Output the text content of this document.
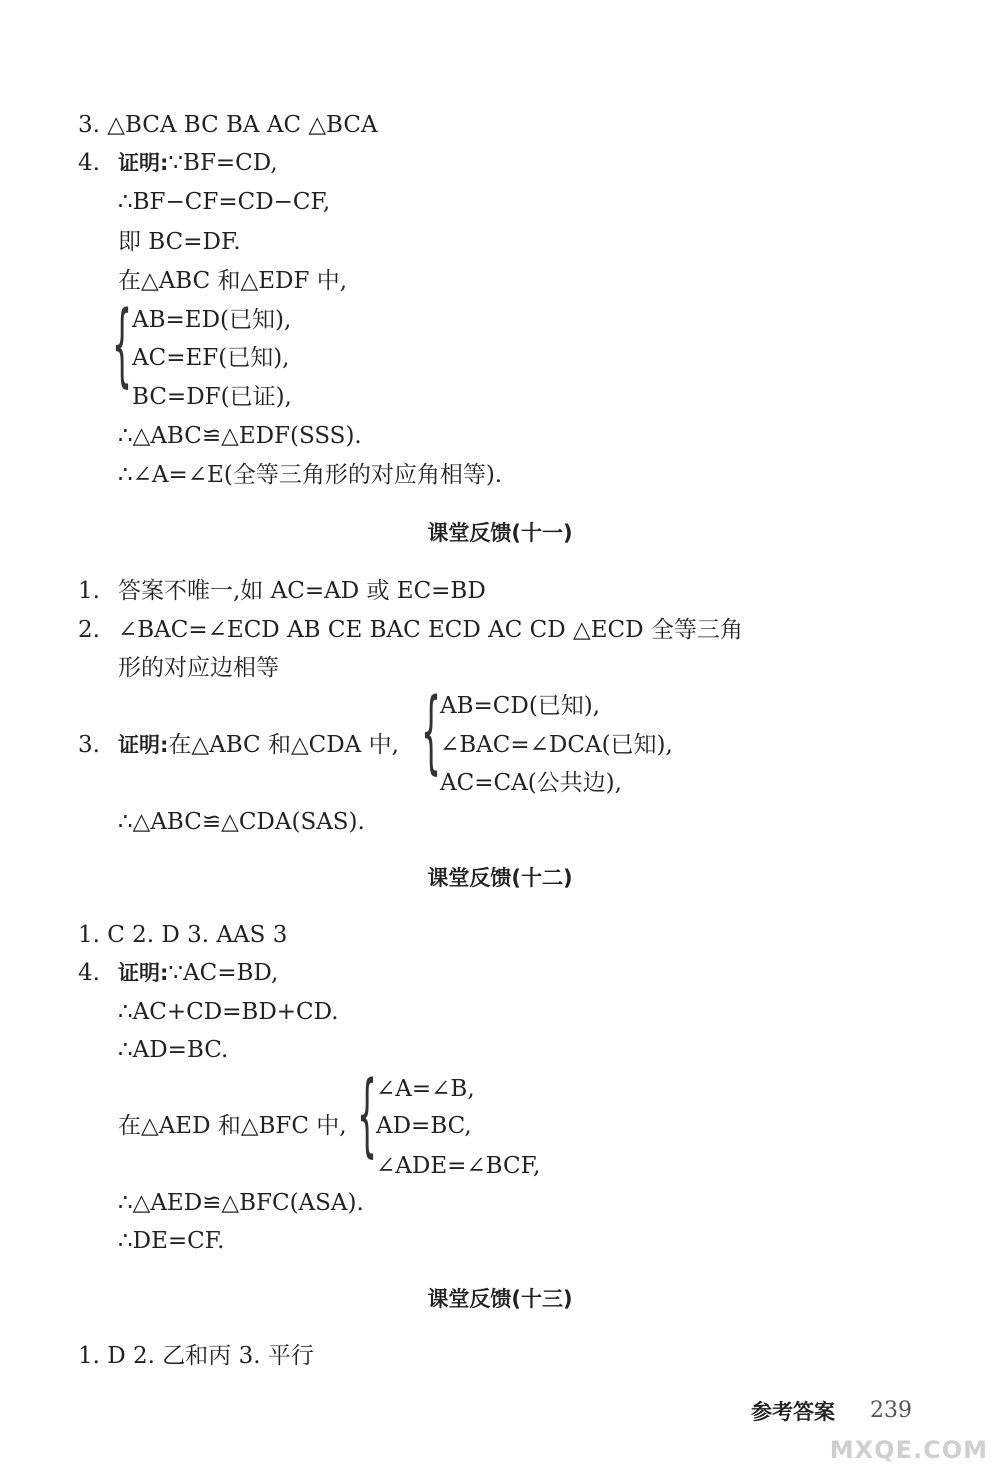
3. △BCA BC BA AC △BCA
4. 证明:∵BF=CD,
∴BF−CF=CD−CF,
即 BC=DF.
在△ABC 和△EDF 中,
{ AB=ED(已知),
AC=EF(已知),
BC=DF(已证),
∴△ABC≌△EDF(SSS).
∴∠A=∠E(全等三角形的对应角相等).
课堂反馈(十一)
1. 答案不唯一,如 AC=AD 或 EC=BD
2. ∠BAC=∠ECD AB CE BAC ECD AC CD △ECD 全等三角
形的对应边相等
3. 证明:在△ABC 和△CDA 中, {
AB=CD(已知),
∠BAC=∠DCA(已知),
AC=CA(公共边),
∴△ABC≌△CDA(SAS).
课堂反馈(十二)
1. C 2. D 3. AAS 3
4. 证明:∵AC=BD,
∴AC+CD=BD+CD.
∴AD=BC.
在△AED 和△BFC 中, {
∠A=∠B,
AD=BC,
∠ADE=∠BCF,
∴△AED≌△BFC(ASA).
∴DE=CF.
课堂反馈(十三)
1. D 2. 乙和丙 3. 平行
参考答案 239
MXQE.COM
